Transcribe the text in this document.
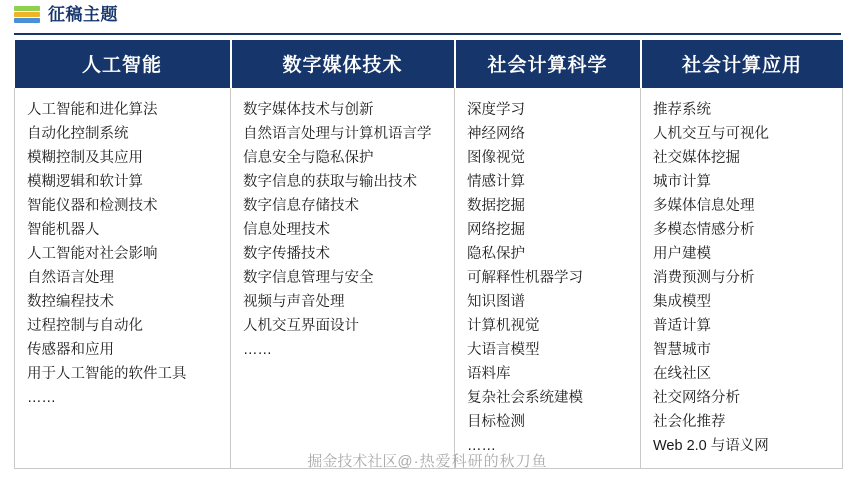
征稿主题
人工智能	数字媒体技术	社会计算科学	社会计算应用

人工智能和进化算法
自动化控制系统
模糊控制及其应用
模糊逻辑和软计算
智能仪器和检测技术
智能机器人
人工智能对社会影响
自然语言处理
数控编程技术
过程控制与自动化
传感器和应用
用于人工智能的软件工具
……

数字媒体技术与创新
自然语言处理与计算机语言学
信息安全与隐私保护
数字信息的获取与输出技术
数字信息存储技术
信息处理技术
数字传播技术
数字信息管理与安全
视频与声音处理
人机交互界面设计
……

深度学习
神经网络
图像视觉
情感计算
数据挖掘
网络挖掘
隐私保护
可解释性机器学习
知识图谱
计算机视觉
大语言模型
语料库
复杂社会系统建模
目标检测
……

推荐系统
人机交互与可视化
社交媒体挖掘
城市计算
多媒体信息处理
多模态情感分析
用户建模
消费预测与分析
集成模型
普适计算
智慧城市
在线社区
社交网络分析
社会化推荐
Web 2.0 与语义网
掘金技术社区@·热爱科研的秋刀鱼
